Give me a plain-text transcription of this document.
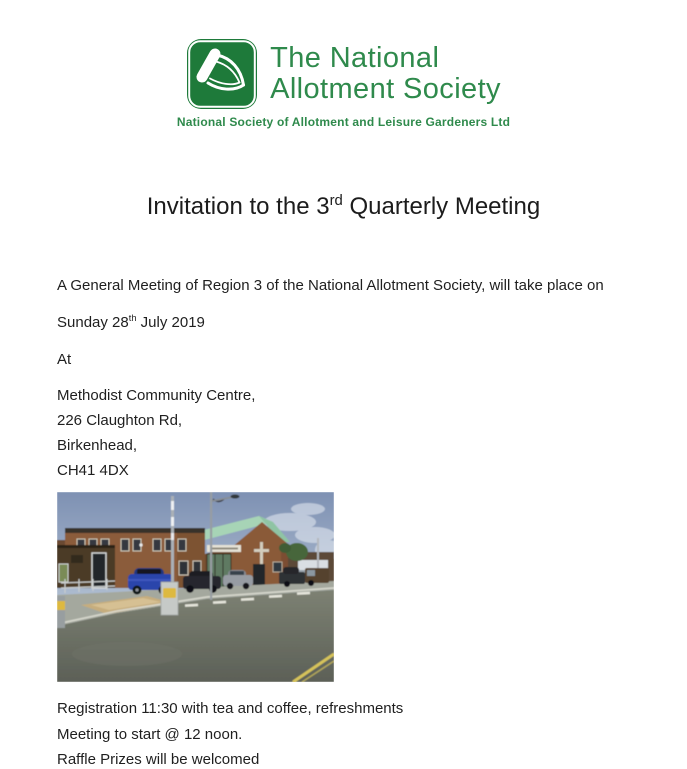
The National
Allotment Society
National Society of Allotment and Leisure Gardeners Ltd
Invitation to the 3rd Quarterly Meeting

A General Meeting of Region 3 of the National Allotment Society, will take place on

Sunday 28th July 2019

At

Methodist Community Centre,
226 Claughton Rd,
Birkenhead,
CH41 4DX
Registration 11:30 with tea and coffee, refreshments
Meeting to start @ 12 noon.
Raffle Prizes will be welcomed
